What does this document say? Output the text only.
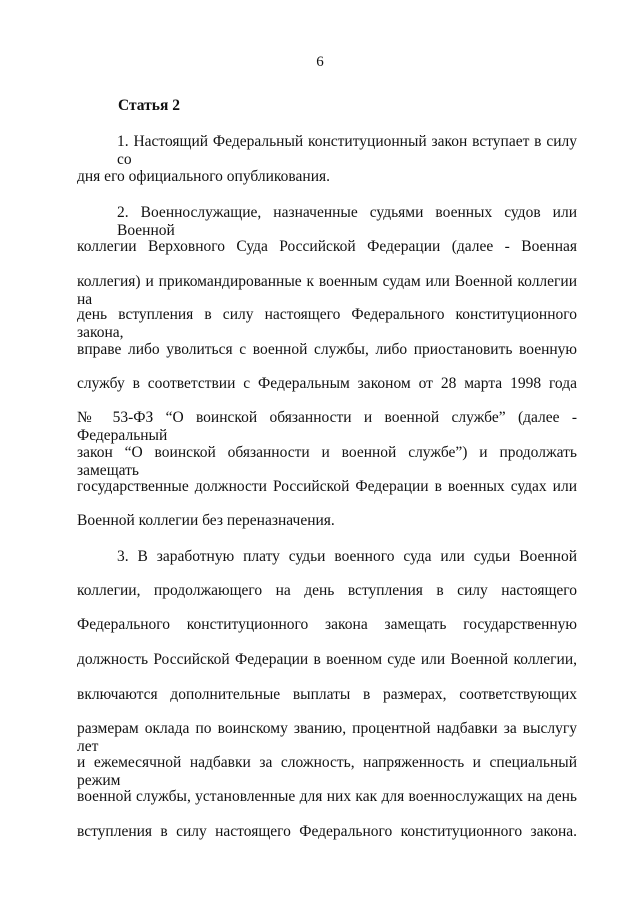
6
Статья 2
1. Настоящий Федеральный конституционный закон вступает в силу со
дня его официального опубликования.
2. Военнослужащие, назначенные судьями военных судов или Военной
коллегии Верховного Суда Российской Федерации (далее - Военная
коллегия) и прикомандированные к военным судам или Военной коллегии на
день вступления в силу настоящего Федерального конституционного закона,
вправе либо уволиться с военной службы, либо приостановить военную
службу в соответствии с Федеральным законом от 28 марта 1998 года
№ 53-ФЗ “О воинской обязанности и военной службе” (далее - Федеральный
закон “О воинской обязанности и военной службе”) и продолжать замещать
государственные должности Российской Федерации в военных судах или
Военной коллегии без переназначения.
3. В заработную плату судьи военного суда или судьи Военной
коллегии, продолжающего на день вступления в силу настоящего
Федерального конституционного закона замещать государственную
должность Российской Федерации в военном суде или Военной коллегии,
включаются дополнительные выплаты в размерах, соответствующих
размерам оклада по воинскому званию, процентной надбавки за выслугу лет
и ежемесячной надбавки за сложность, напряженность и специальный режим
военной службы, установленные для них как для военнослужащих на день
вступления в силу настоящего Федерального конституционного закона.
